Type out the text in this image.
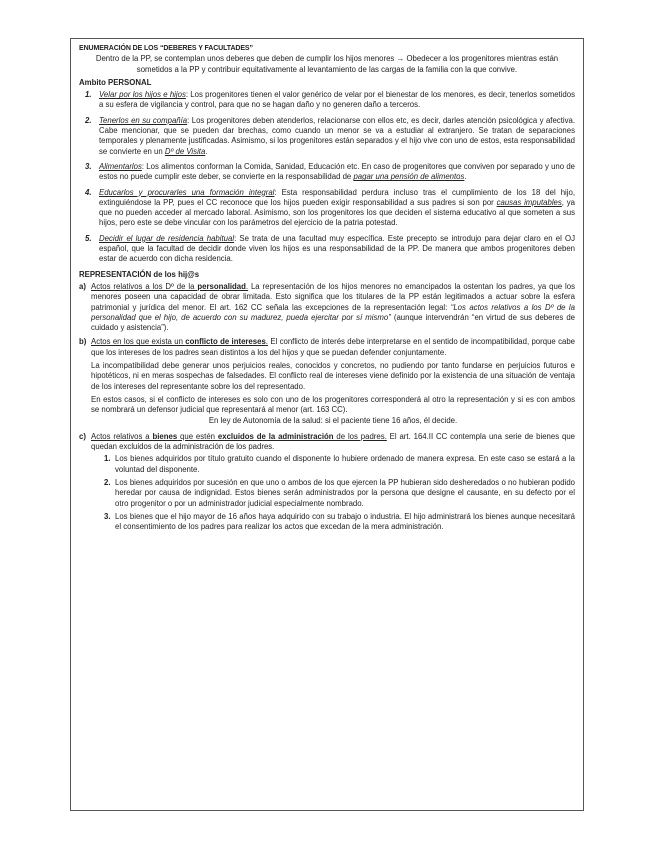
ENUMERACIÓN DE LOS “DEBERES Y FACULTADES”

Dentro de la PP, se contemplan unos deberes que deben de cumplir los hijos menores → Obedecer a los progenitores mientras están sometidos a la PP y contribuir equitativamente al levantamiento de las cargas de la familia con la que convive.

Ambito PERSONAL
1. Velar por los hijos e hijos: Los progenitores tienen el valor genérico de velar por el bienestar de los menores, es decir, tenerlos sometidos a su esfera de vigilancia y control, para que no se hagan daño y no generen daño a terceros.
2. Tenerlos en su compañía: Los progenitores deben atenderlos, relacionarse con ellos etc, es decir, darles atención psicológica y afectiva. Cabe mencionar, que se pueden dar brechas, como cuando un menor se va a estudiar al extranjero. Se tratan de separaciones temporales y plenamente justificadas. Asimismo, si los progenitores están separados y el hijo vive con uno de estos, esta responsabilidad se convierte en un Dº de Visita.
3. Alimentarlos: Los alimentos conforman la Comida, Sanidad, Educación etc. En caso de progenitores que conviven por separado y uno de estos no puede cumplir este deber, se convierte en la responsabilidad de pagar una pensión de alimentos.
4. Educarlos y procurarles una formación integral: Esta responsabilidad perdura incluso tras el cumplimiento de los 18 del hijo, extinguiéndose la PP, pues el CC reconoce que los hijos pueden exigir responsabilidad a sus padres si son por causas imputables, ya que no pueden acceder al mercado laboral. Asimismo, son los progenitores los que deciden el sistema educativo al que someten a sus hijos, pero este se debe vincular con los parámetros del ejercicio de la patria potestad.
5. Decidir el lugar de residencia habitual: Se trata de una facultad muy específica. Este precepto se introdujo para dejar claro en el OJ español, que la facultad de decidir donde viven los hijos es una responsabilidad de la PP. De manera que ambos progenitores deben estar de acuerdo con dicha residencia.
REPRESENTACIÓN de los hij@s
a) Actos relativos a los Dº de la personalidad. La representación de los hijos menores no emancipados la ostentan los padres, ya que los menores poseen una capacidad de obrar limitada. Esto significa que los titulares de la PP están legitimados a actuar sobre la esfera patrimonial y jurídica del menor. El art. 162 CC señala las excepciones de la representación legal: “Los actos relativos a los Dº de la personalidad que el hijo, de acuerdo con su madurez, pueda ejercitar por sí mismo” (aunque intervendrán “en virtud de sus deberes de cuidado y asistencia”).
b) Actos en los que exista un conflicto de intereses. El conflicto de interés debe interpretarse en el sentido de incompatibilidad, porque cabe que los intereses de los padres sean distintos a los del hijos y que se puedan defender conjuntamente.

La incompatibilidad debe generar unos perjuicios reales, conocidos y concretos, no pudiendo por tanto fundarse en perjuicios futuros e hipotéticos, ni en meras sospechas de falsedades. El conflicto real de intereses viene definido por la existencia de una situación de ventaja de los intereses del representante sobre los del representado.

En estos casos, si el conflicto de intereses es solo con uno de los progenitores corresponderá al otro la representación y si es con ambos se nombrará un defensor judicial que representará al menor (art. 163 CC).

En ley de Autonomía de la salud: si el paciente tiene 16 años, él decide.

c) Actos relativos a bienes que estén excluidos de la administración de los padres. El art. 164.II CC contempla una serie de bienes que quedan excluidos de la administración de los padres.
1. Los bienes adquiridos por título gratuito cuando el disponente lo hubiere ordenado de manera expresa. En este caso se estará a la voluntad del disponente.
2. Los bienes adquiridos por sucesión en que uno o ambos de los que ejercen la PP hubieran sido desheredados o no hubieran podido heredar por causa de indignidad. Estos bienes serán administrados por la persona que designe el causante, en su defecto por el otro progenitor o por un administrador judicial especialmente nombrado.
3. Los bienes que el hijo mayor de 16 años haya adquirido con su trabajo o industria. El hijo administrará los bienes aunque necesitará el consentimiento de los padres para realizar los actos que excedan de la mera administración.
